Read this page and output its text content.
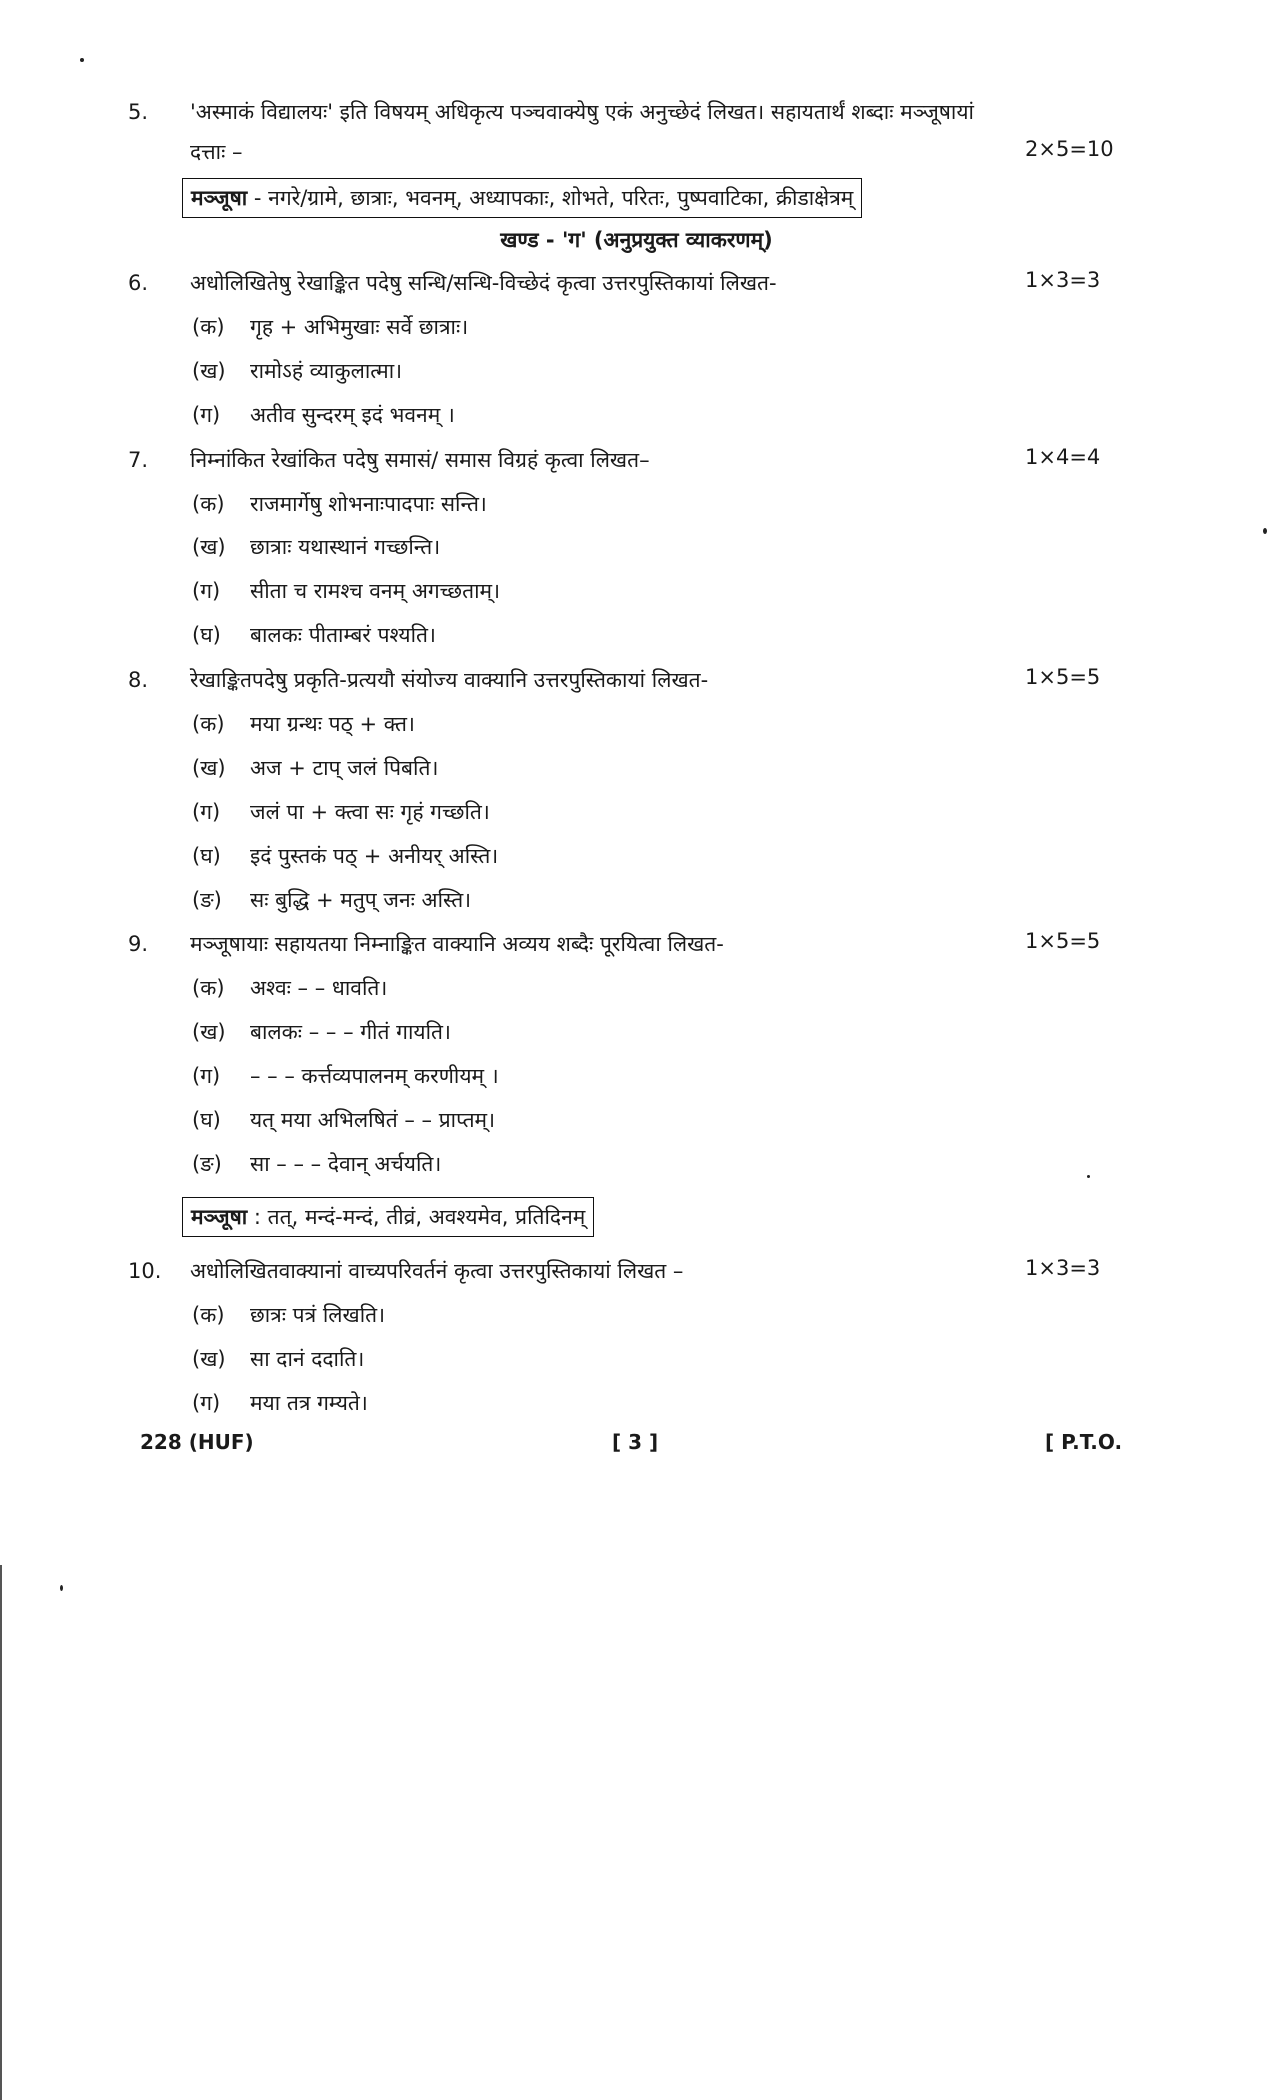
5.	'अस्माकं विद्यालयः' इति विषयम् अधिकृत्य पञ्चवाक्येषु एकं अनुच्छेदं लिखत। सहायतार्थं शब्दाः मञ्जूषायां
दत्ताः –	2×5=10
मञ्जूषा - नगरे/ग्रामे, छात्राः, भवनम्, अध्यापकाः, शोभते, परितः, पुष्पवाटिका, क्रीडाक्षेत्रम्
खण्ड - 'ग' (अनुप्रयुक्त व्याकरणम्)
6.	अधोलिखितेषु रेखाङ्कित पदेषु सन्धि/सन्धि-विच्छेदं कृत्वा उत्तरपुस्तिकायां लिखत-	1×3=3
(क) गृह + अभिमुखाः सर्वे छात्राः।
(ख) रामोऽहं व्याकुलात्मा।
(ग) अतीव सुन्दरम् इदं भवनम् ।
7.	निम्नांकित रेखांकित पदेषु समासं/ समास विग्रहं कृत्वा लिखत–	1×4=4
(क) राजमार्गेषु शोभनाःपादपाः सन्ति।
(ख) छात्राः यथास्थानं गच्छन्ति।
(ग) सीता च रामश्च वनम् अगच्छताम्।
(घ) बालकः पीताम्बरं पश्यति।
8.	रेखाङ्कितपदेषु प्रकृति-प्रत्ययौ संयोज्य वाक्यानि उत्तरपुस्तिकायां लिखत-	1×5=5
(क) मया ग्रन्थः पठ् + क्त।
(ख) अज + टाप् जलं पिबति।
(ग) जलं पा + क्त्वा सः गृहं गच्छति।
(घ) इदं पुस्तकं पठ् + अनीयर् अस्ति।
(ङ) सः बुद्धि + मतुप् जनः अस्ति।
9.	मञ्जूषायाः सहायतया निम्नाङ्कित वाक्यानि अव्यय शब्दैः पूरयित्वा लिखत-	1×5=5
(क) अश्वः – – धावति।
(ख) बालकः – – – गीतं गायति।
(ग) – – – कर्त्तव्यपालनम् करणीयम् ।
(घ) यत् मया अभिलषितं – – प्राप्तम्।
(ङ) सा – – – देवान् अर्चयति।
मञ्जूषा : तत्, मन्दं-मन्दं, तीव्रं, अवश्यमेव, प्रतिदिनम्
10.	अधोलिखितवाक्यानां वाच्यपरिवर्तनं कृत्वा उत्तरपुस्तिकायां लिखत –	1×3=3
(क) छात्रः पत्रं लिखति।
(ख) सा दानं ददाति।
(ग) मया तत्र गम्यते।
228 (HUF)	[ 3 ]	[ P.T.O.
